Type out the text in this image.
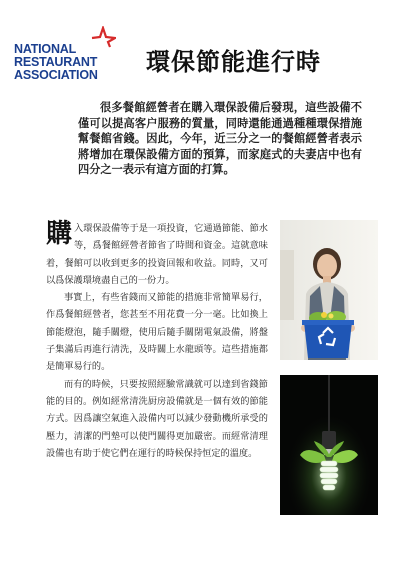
NATIONAL
RESTAURANT
ASSOCIATION 環保節能進行時
很多餐館經營者在購入環保設備后發現，這些設備不僅可以提高客户服務的質量，同時還能通過種種環保措施幫餐館省錢。因此，今年，近三分之一的餐館經營者表示將增加在環保設備方面的預算，而家庭式的夫妻店中也有四分之一表示有這方面的打算。

購入環保設備等于是一項投資，它通過節能、節水等，爲餐館經營者節省了時間和資金。這就意味着，餐館可以收到更多的投資回報和收益。同時，又可以爲保護環境盡自己的一份力。

事實上，有些省錢而又節能的措施非常簡單易行，作爲餐館經營者，您甚至不用花費一分一毫。比如換上節能燈泡，隨手關燈，使用后隨手關閉電氣設備，將盤子集滿后再進行清洗，及時關上水龍頭等。這些措施都是簡單易行的。

而有的時候，只要按照經驗常識就可以達到省錢節能的目的。例如經常清洗厨房設備就是一個有效的節能方式。因爲讓空氣進入設備内可以減少發動機所承受的壓力，清潔的門墊可以使門關得更加嚴密。而經常清理設備也有助于使它們在運行的時候保持恒定的溫度。
